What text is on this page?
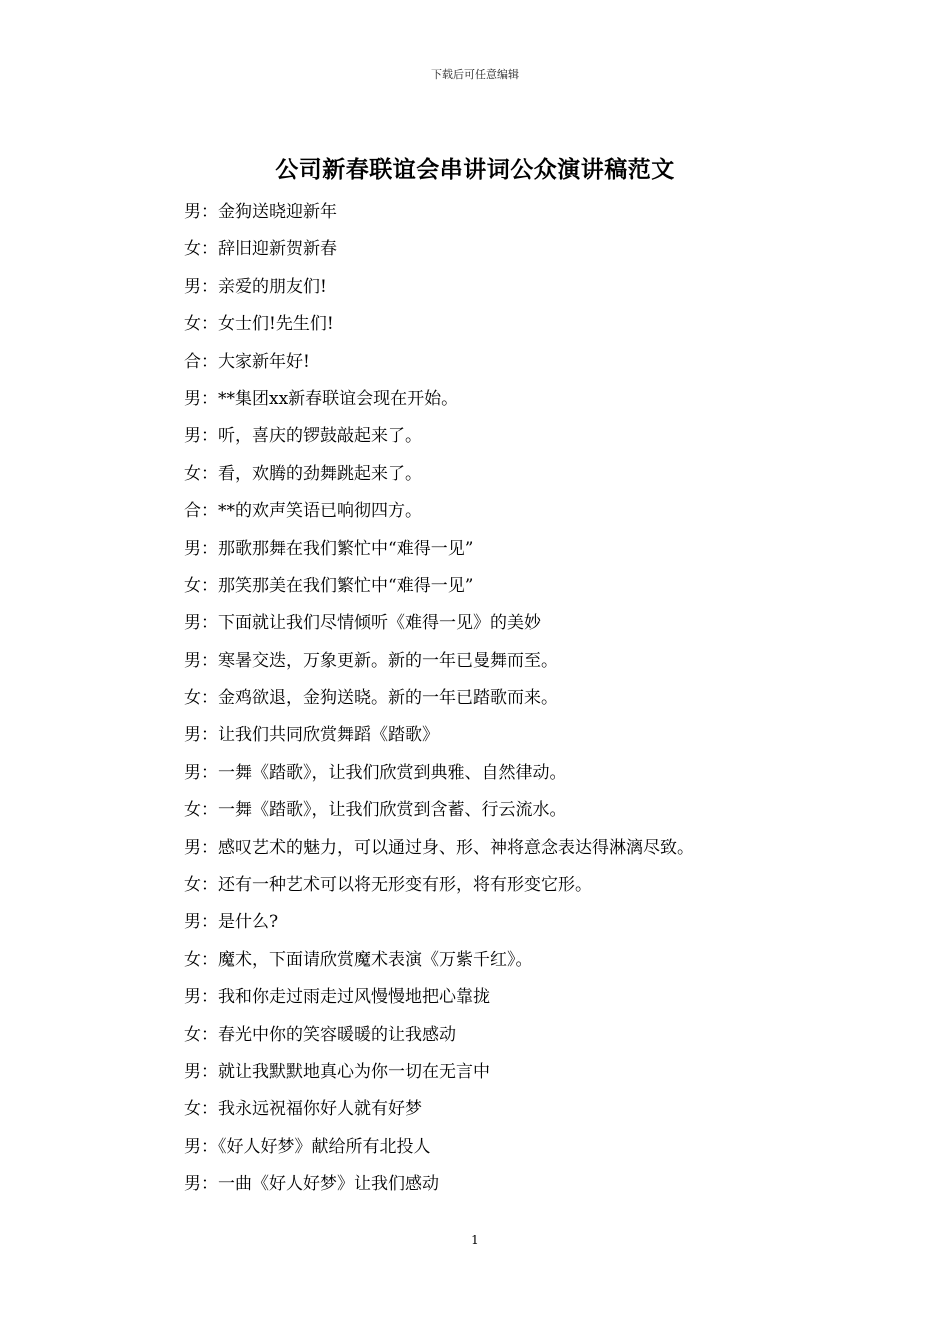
下载后可任意编辑
公司新春联谊会串讲词公众演讲稿范文
男：金狗送晓迎新年
女：辞旧迎新贺新春
男：亲爱的朋友们!
女：女士们!先生们!
合：大家新年好!
男：**集团xx新春联谊会现在开始。
男：听，喜庆的锣鼓敲起来了。
女：看，欢腾的劲舞跳起来了。
合：**的欢声笑语已响彻四方。
男：那歌那舞在我们繁忙中“难得一见”
女：那笑那美在我们繁忙中“难得一见”
男：下面就让我们尽情倾听《难得一见》的美妙
男：寒暑交迭，万象更新。新的一年已曼舞而至。
女：金鸡欲退，金狗送晓。新的一年已踏歌而来。
男：让我们共同欣赏舞蹈《踏歌》
男：一舞《踏歌》，让我们欣赏到典雅、自然律动。
女：一舞《踏歌》，让我们欣赏到含蓄、行云流水。
男：感叹艺术的魅力，可以通过身、形、神将意念表达得淋漓尽致。
女：还有一种艺术可以将无形变有形，将有形变它形。
男：是什么?
女：魔术，下面请欣赏魔术表演《万紫千红》。
男：我和你走过雨走过风慢慢地把心靠拢
女：春光中你的笑容暖暖的让我感动
男：就让我默默地真心为你一切在无言中
女：我永远祝福你好人就有好梦
男：《好人好梦》献给所有北投人
男：一曲《好人好梦》让我们感动
1
